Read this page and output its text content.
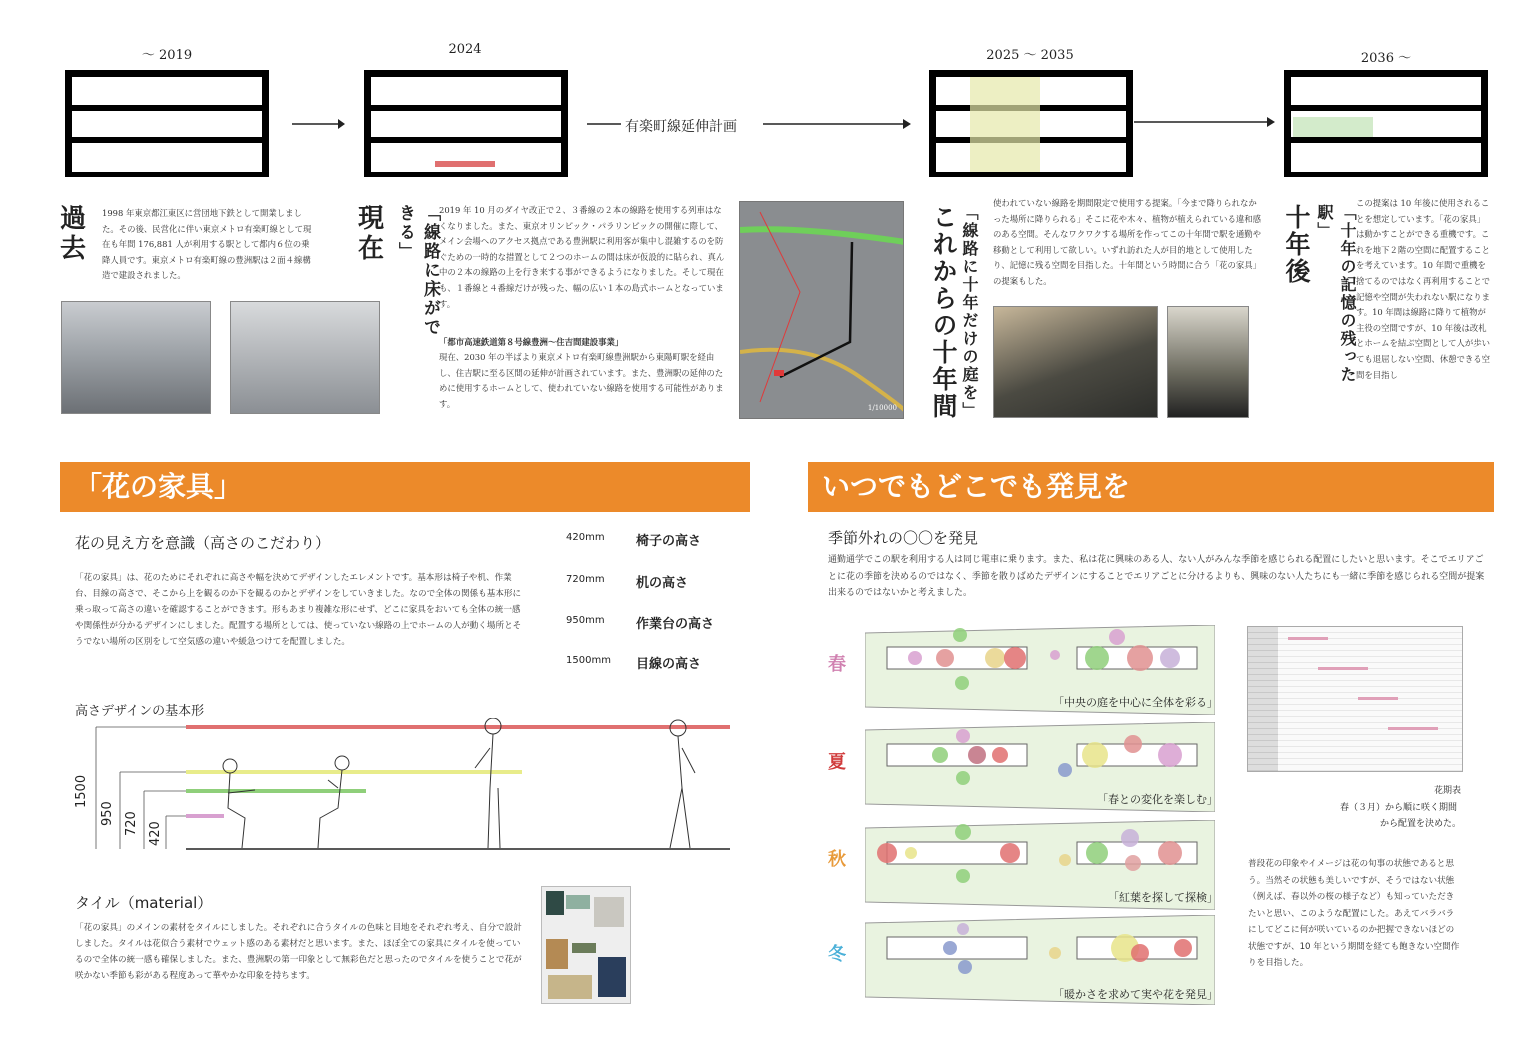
～ 2019	2024	2025 ～ 2035	2036 ～
有楽町線延伸計画
過去
1998 年東京都江東区に営団地下鉄として開業しました。その後、民営化に伴い東京メトロ有楽町線として現在も年間 176,881 人が利用する駅として都内６位の乗降人員です。東京メトロ有楽町線の豊洲駅は２面４線構造で建設されました。
現在	「線路に床ができる」	2019 年 10 月のダイヤ改正で２、３番線の２本の線路を使用する列車はなくなりました。また、東京オリンピック・パラリンピックの開催に際して、メイン会場へのアクセス拠点である豊洲駅に利用客が集中し混雑するのを防ぐための一時的な措置として２つのホームの間は床が仮設的に貼られ、真ん中の２本の線路の上を行き来する事ができるようになりました。そして現在も、１番線と４番線だけが残った、幅の広い１本の島式ホームとなっています。
「都市高速鉄道第８号線豊洲〜住吉間建設事業」
現在、2030 年の半ばより東京メトロ有楽町線豊洲駅から東陽町駅を経由し、住吉駅に至る区間の延伸が計画されています。また、豊洲駅の延伸のために使用するホームとして、使われていない線路を使用する可能性があります。	1/10000 これからの十年間 「線路に十年だけの庭を」
使われていない線路を期間限定で使用する提案。「今まで降りられなかった場所に降りられる」そこに花や木々、植物が植えられている違和感のある空間。そんなワクワクする場所を作ってこの十年間で駅を通勤や移動として利用して欲しい。いずれ訪れた人が目的地として使用したり、記憶に残る空間を目指した。十年間という時間に合う「花の家具」の提案もした。	十年後	「十年の記憶の残った駅」
この提案は 10 年後に使用されることを想定しています。「花の家具」は動かすことができる重機です。これを地下２階の空間に配置することを考えています。10 年間で重機を捨てるのではなく再利用することで記憶や空間が失われない駅になります。10 年間は線路に降りて植物が主役の空間ですが、10 年後は改札とホームを結ぶ空間として人が歩いても退屈しない空間、休憩できる空間を目指し
「花の家具」
花の見え方を意識（高さのこだわり）
「花の家具」は、花のためにそれぞれに高さや幅を決めてデザインしたエレメントです。基本形は椅子や机、作業台、目線の高さで、そこから上を観るのか下を観るのかとデザインをしていきました。なので全体の関係も基本形に乗っ取って高さの違いを確認することができます。形もあまり複雑な形にせず、どこに家具をおいても全体の統一感や関係性が分かるデザインにしました。配置する場所としては、使っていない線路の上でホームの人が動く場所とそうでない場所の区別をして空気感の違いや緩急つけてを配置しました。
420mm 椅子の高さ
720mm 机の高さ
950mm 作業台の高さ
1500mm 目線の高さ
高さデザインの基本形
1500
950 720 420
タイル（material）
「花の家具」のメインの素材をタイルにしました。それぞれに合うタイルの色味と目地をそれぞれ考え、自分で設計しました。タイルは花似合う素材でウェット感のある素材だと思います。また、ほぼ全ての家具にタイルを使っているので全体の統一感も確保しました。また、豊洲駅の第一印象として無彩色だと思ったのでタイルを使うことで花が咲かない季節も彩がある程度あって華やかな印象を持ちます。
いつでもどこでも発見を
季節外れの〇〇を発見
通勤通学でこの駅を利用する人は同じ電車に乗ります。また、私は花に興味のある人、ない人がみんな季節を感じられる配置にしたいと思います。そこでエリアごとに花の季節を決めるのではなく、季節を散りばめたデザインにすることでエリアごとに分けるよりも、興味のない人たちにも一緒に季節を感じられる空間が提案出来るのではないかと考えました。
春
夏
秋
冬
「中央の庭を中心に全体を彩る」
「春との変化を楽しむ」
「紅葉を探して探検」
「暖かさを求めて実や花を発見」
花期表
春（３月）から順に咲く期間
から配置を決めた。
普段花の印象やイメージは花の旬事の状態であると思う。当然その状態も美しいですが、そうではない状態（例えば、春以外の桜の様子など）も知っていただきたいと思い、このような配置にした。あえてバラバラにしてどこに何が咲いているのか把握できないほどの状態ですが、10 年という期間を経ても飽きない空間作りを目指した。
